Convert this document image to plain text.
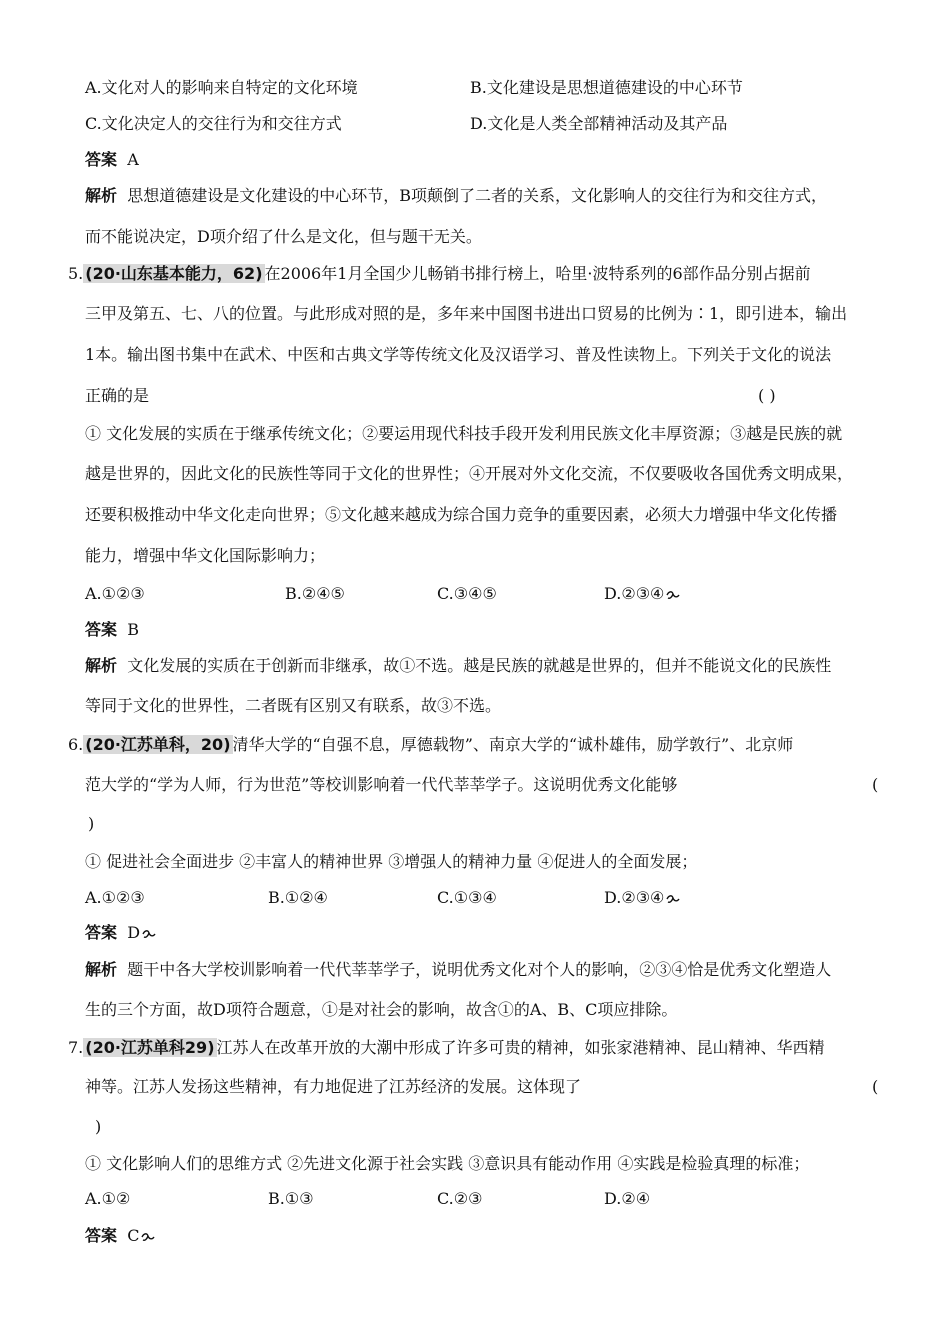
A.文化对人的影响来自特定的文化环境	B.文化建设是思想道德建设的中心环节
C.文化决定人的交往行为和交往方式	D.文化是人类全部精神活动及其产品
答案 A
解析 思想道德建设是文化建设的中心环节，B项颠倒了二者的关系，文化影响人的交往行为和交往方式，
而不能说决定，D项介绍了什么是文化，但与题干无关。
5. (20·山东基本能力，62) 在2006年1月全国少儿畅销书排行榜上，哈里·波特系列的6部作品分别占据前
三甲及第五、七、八的位置。与此形成对照的是，多年来中国图书进出口贸易的比例为∶1，即引进本，输出
1本。输出图书集中在武术、中医和古典文学等传统文化及汉语学习、普及性读物上。下列关于文化的说法
正确的是	( )
① 文化发展的实质在于继承传统文化；②要运用现代科技手段开发利用民族文化丰厚资源；③越是民族的就
越是世界的，因此文化的民族性等同于文化的世界性；④开展对外文化交流，不仅要吸收各国优秀文明成果，
还要积极推动中华文化走向世界；⑤文化越来越成为综合国力竞争的重要因素，必须大力增强中华文化传播
能力，增强中华文化国际影响力；
A.①②③	B.②④⑤	C.③④⑤	D.②③④
答案 B
解析 文化发展的实质在于创新而非继承，故①不选。越是民族的就越是世界的，但并不能说文化的民族性
等同于文化的世界性，二者既有区别又有联系，故③不选。
6. (20·江苏单科，20) 清华大学的“自强不息，厚德载物”、南京大学的“诚朴雄伟，励学敦行”、北京师
范大学的“学为人师，行为世范”等校训影响着一代代莘莘学子。这说明优秀文化能够	(
)
① 促进社会全面进步 ②丰富人的精神世界 ③增强人的精神力量 ④促进人的全面发展；
A.①②③	B.①②④	C.①③④	D.②③④
答案 D
解析 题干中各大学校训影响着一代代莘莘学子，说明优秀文化对个人的影响，②③④恰是优秀文化塑造人
生的三个方面，故D项符合题意，①是对社会的影响，故含①的A、B、C项应排除。
7. (20·江苏单科29) 江苏人在改革开放的大潮中形成了许多可贵的精神，如张家港精神、昆山精神、华西精
神等。江苏人发扬这些精神，有力地促进了江苏经济的发展。这体现了	(
)
① 文化影响人们的思维方式 ②先进文化源于社会实践 ③意识具有能动作用 ④实践是检验真理的标准；
A.①②	B.①③	C.②③	D.②④
答案 C
